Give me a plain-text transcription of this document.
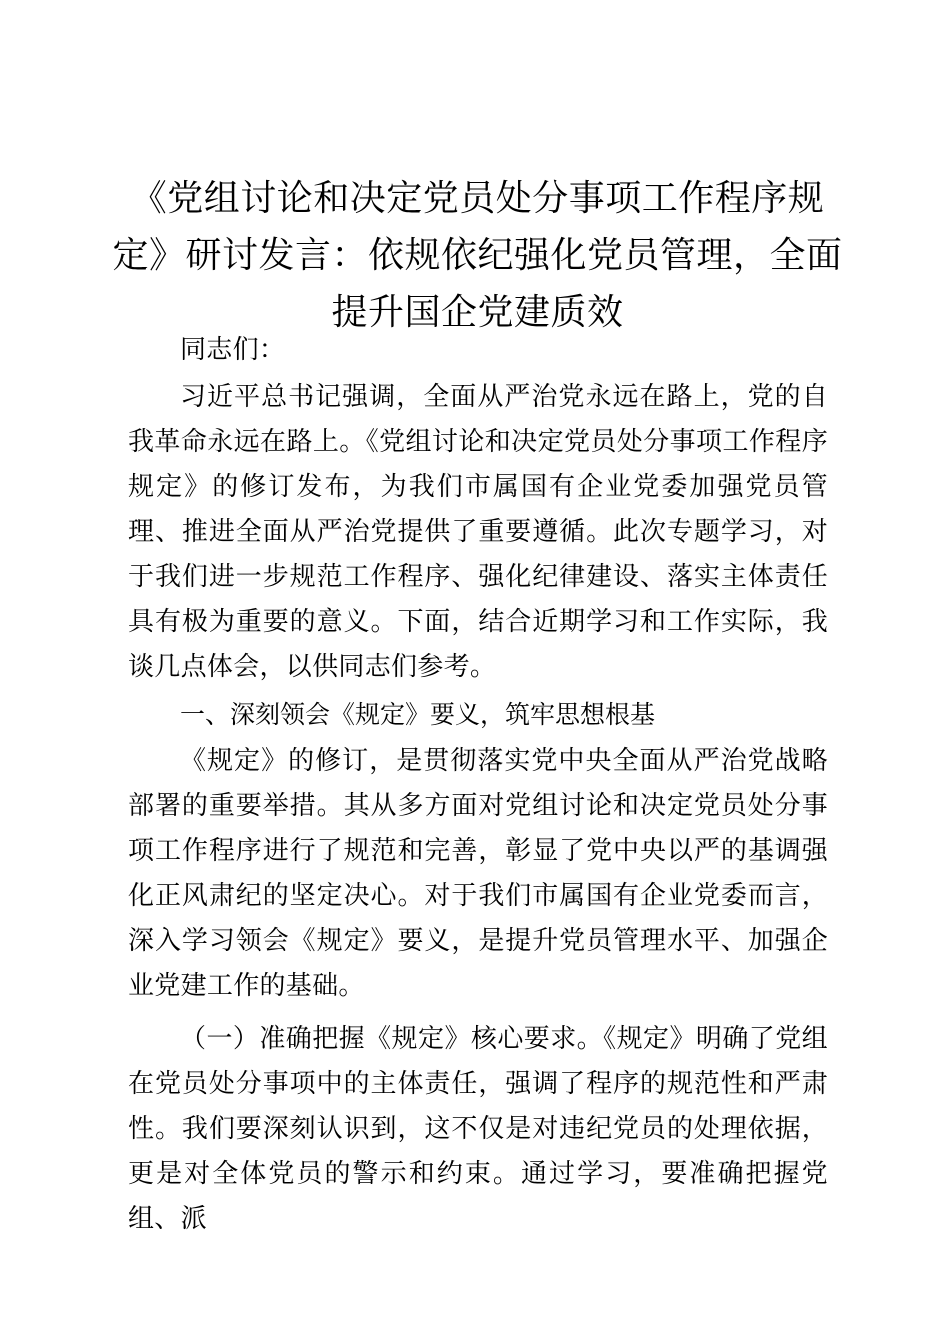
《党组讨论和决定党员处分事项工作程序规定》研讨发言：依规依纪强化党员管理，全面提升国企党建质效

同志们：

习近平总书记强调，全面从严治党永远在路上，党的自我革命永远在路上。《党组讨论和决定党员处分事项工作程序规定》的修订发布，为我们市属国有企业党委加强党员管理、推进全面从严治党提供了重要遵循。此次专题学习，对于我们进一步规范工作程序、强化纪律建设、落实主体责任具有极为重要的意义。下面，结合近期学习和工作实际，我谈几点体会，以供同志们参考。

一、深刻领会《规定》要义，筑牢思想根基

《规定》的修订，是贯彻落实党中央全面从严治党战略部署的重要举措。其从多方面对党组讨论和决定党员处分事项工作程序进行了规范和完善，彰显了党中央以严的基调强化正风肃纪的坚定决心。对于我们市属国有企业党委而言，深入学习领会《规定》要义，是提升党员管理水平、加强企业党建工作的基础。

（一）准确把握《规定》核心要求。《规定》明确了党组在党员处分事项中的主体责任，强调了程序的规范性和严肃性。我们要深刻认识到，这不仅是对违纪党员的处理依据，更是对全体党员的警示和约束。通过学习，要准确把握党组、派
